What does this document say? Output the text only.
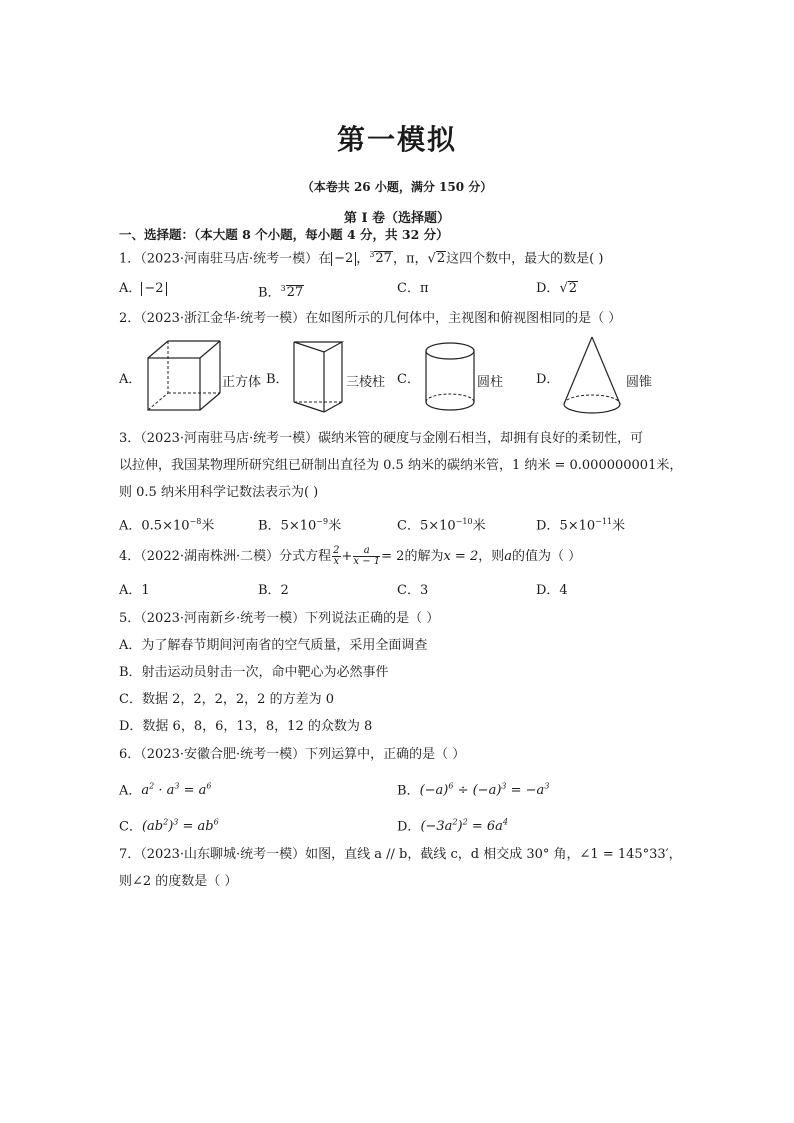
第一模拟
（本卷共 26 小题，满分 150 分）
第 I 卷（选择题）
一、选择题：（本大题 8 个小题，每小题 4 分，共 32 分）
1．（2023·河南驻马店·统考一模）在 −2 ，$^3$27，π，√2这四个数中，最大的数是( )
A． −2	B．$^3$27	C．π	D．√2
2．（2023·浙江金华·统考一模）在如图所示的几何体中，主视图和俯视图相同的是（ ）
A．	正方体 B．	三棱柱 C．	圆柱	D．	圆锥
3．（2023·河南驻马店·统考一模）碳纳米管的硬度与金刚石相当，却拥有良好的柔韧性，可
以拉伸，我国某物理所研究组已研制出直径为 0.5 纳米的碳纳米管，1 纳米 = 0.000000001米，
则 0.5 纳米用科学记数法表示为( )
A．$0.5\times 10^{-8}$米	B．$5\times 10^{-9}$米	C．$5\times 10^{-10}$米	D．$5\times 10^{-11}$米
4．（2022·湖南株洲·二模）分式方程 $\frac{2}{x} + \frac{a}{x - 1} = 2$的解为x = 2，则a的值为（ ）
A．1	B．2	C．3	D．4
5．（2023·河南新乡·统考一模）下列说法正确的是（ ）
A．为了解春节期间河南省的空气质量，采用全面调查
B．射击运动员射击一次，命中靶心为必然事件
C．数据 2，2，2，2，2 的方差为 0
D．数据 6，8，6，13，8，12 的众数为 8
6．（2023·安徽合肥·统考一模）下列运算中，正确的是（ ）
A．$a^2 \cdot a^3 = a^6$	B．$(-a)^6 \div (-a)^3 = -a^3$
C．$(ab^2)^3 = ab^6$	D．$(-3a^2)^2 = 6a^4$
7．（2023·山东聊城·统考一模）如图，直线 a // b，截线 c，d 相交成 30° 角，∠1 = 145°33′，
则∠2 的度数是（ ）
